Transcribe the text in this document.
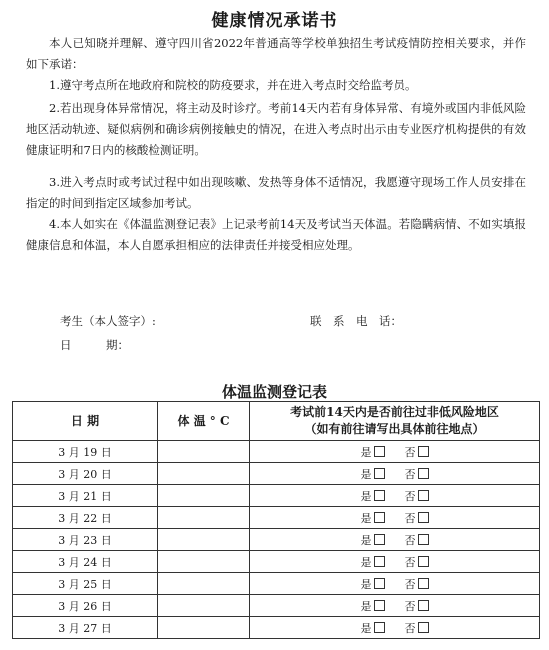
健康情况承诺书
本人已知晓并理解、遵守四川省2022年普通高等学校单独招生考试疫情防控相关要求，并作如下承诺：
1.遵守考点所在地政府和院校的防疫要求，并在进入考点时交给监考员。
2.若出现身体异常情况，将主动及时诊疗。考前14天内若有身体异常、有境外或国内非低风险地区活动轨迹、疑似病例和确诊病例接触史的情况，在进入考点时出示由专业医疗机构提供的有效健康证明和7日内的核酸检测证明。
3.进入考点时或考试过程中如出现咳嗽、发热等身体不适情况，我愿遵守现场工作人员安排在指定的时间到指定区域参加考试。
4.本人如实在《体温监测登记表》上记录考前14天及考试当天体温。若隐瞒病情、不如实填报健康信息和体温，本人自愿承担相应的法律责任并接受相应处理。
考生（本人签字）:	联　系　电　话：
日　　　期：
体温监测登记表
日 期	体 温 ° C	考试前14天内是否前往过非低风险地区
（如有前往请写出具体前往地点）

3 月 19 日		是 否
3 月 20 日		是 否
3 月 21 日		是 否
3 月 22 日		是 否
3 月 23 日		是 否
3 月 24 日		是 否
3 月 25 日		是 否
3 月 26 日		是 否
3 月 27 日		是 否
